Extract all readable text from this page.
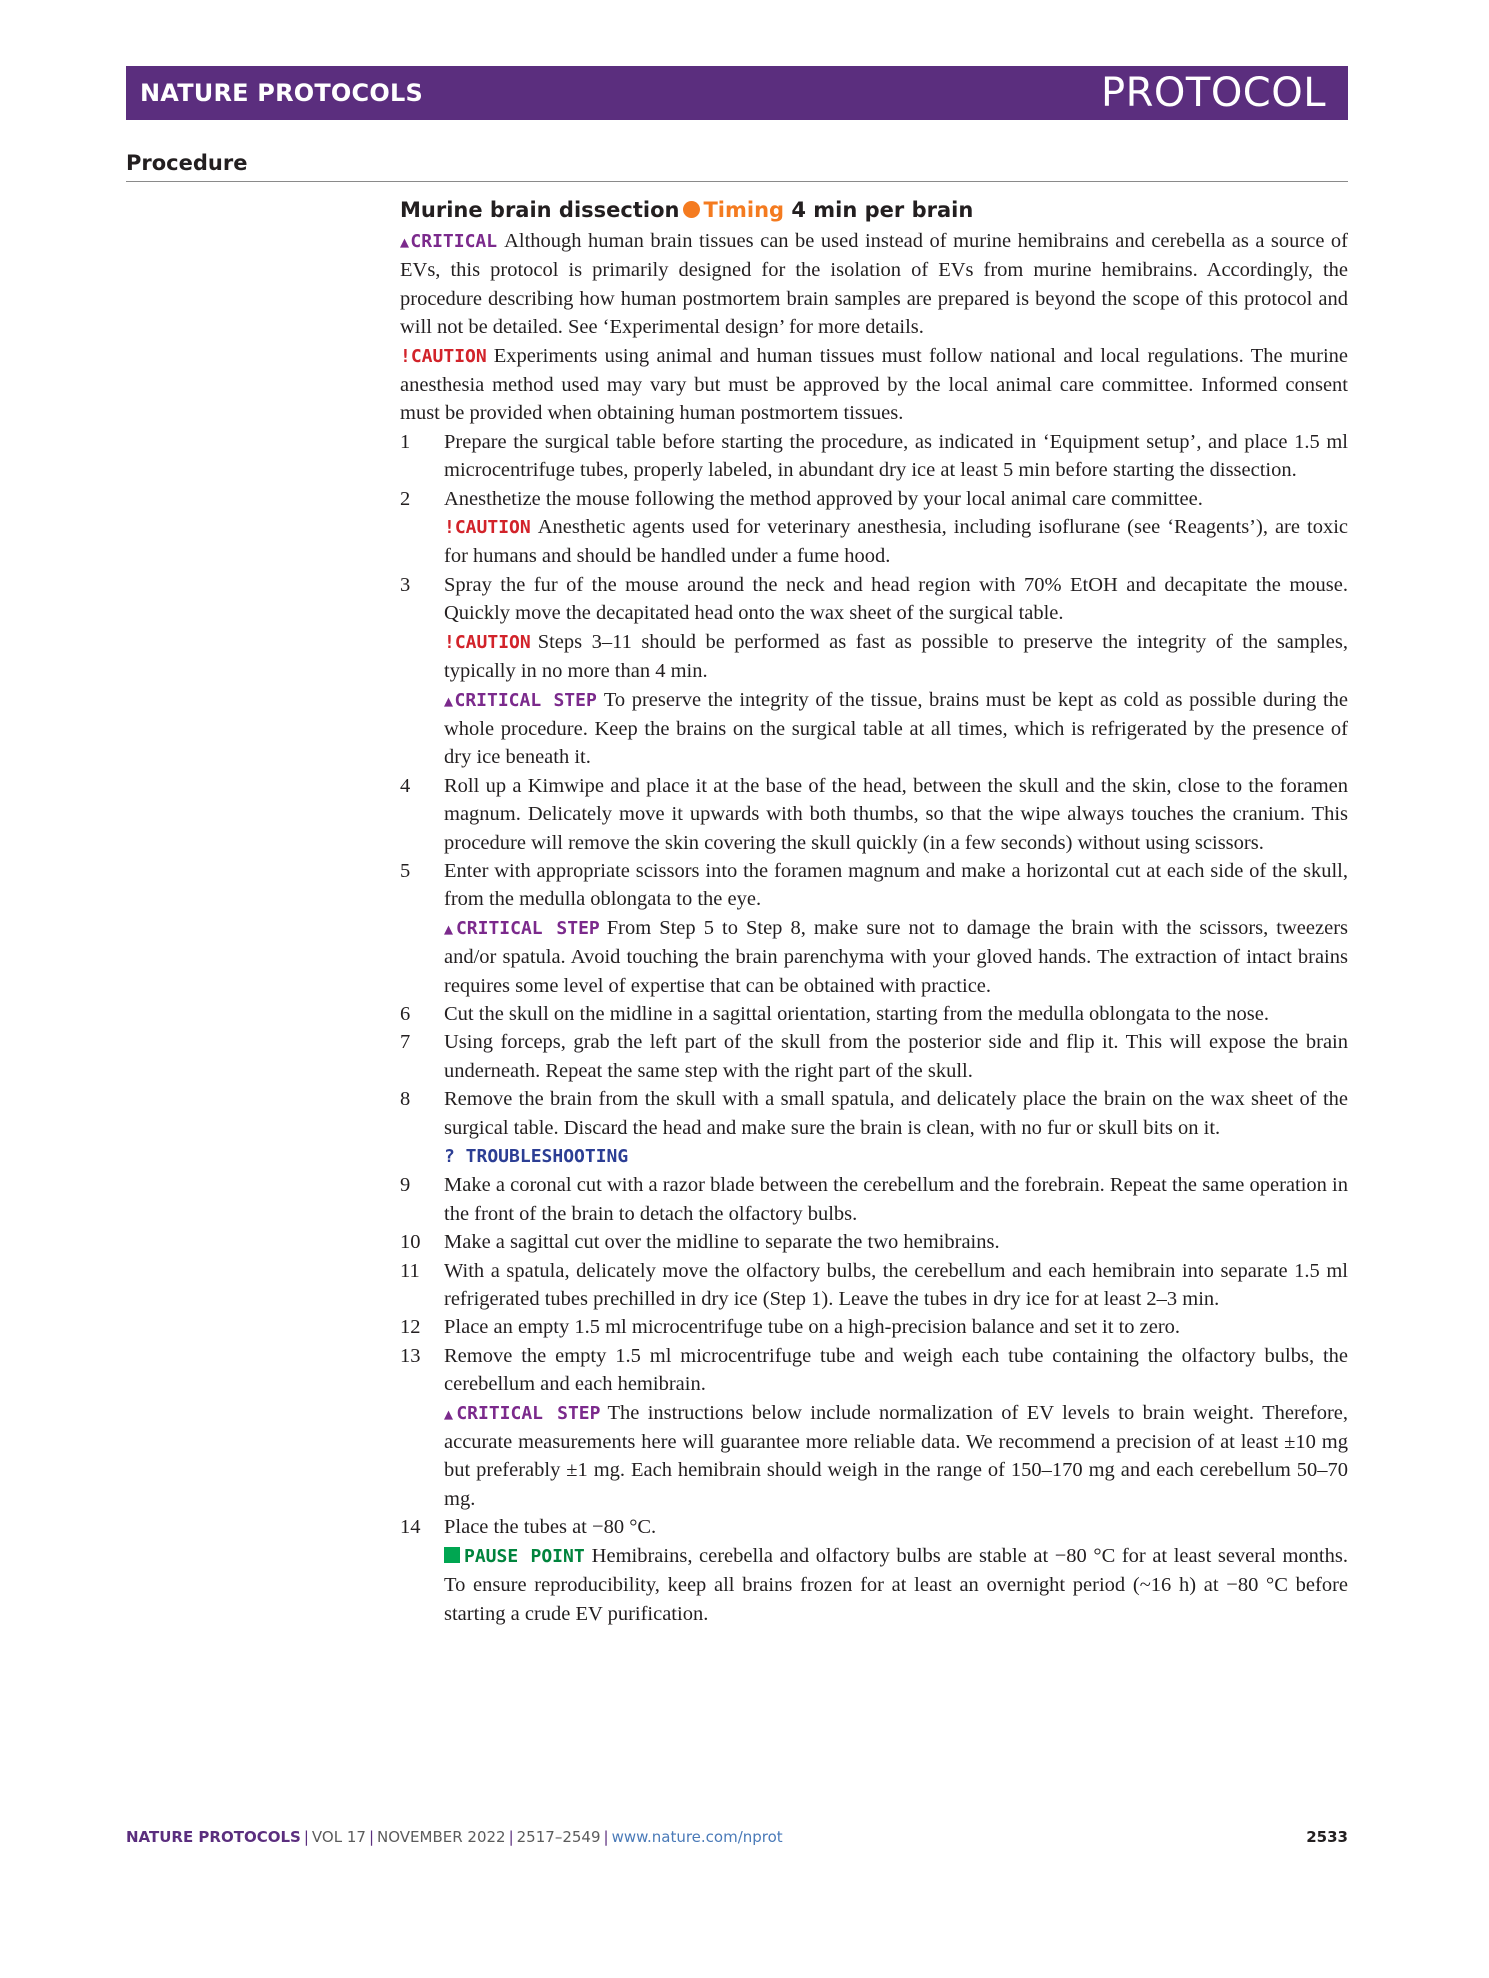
NATURE PROTOCOLS	PROTOCOL
Procedure
Murine brain dissection Timing 4 min per brain
▲CRITICAL Although human brain tissues can be used instead of murine hemibrains and cerebella as a source of EVs, this protocol is primarily designed for the isolation of EVs from murine hemibrains. Accordingly, the procedure describing how human postmortem brain samples are prepared is beyond the scope of this protocol and will not be detailed. See ‘Experimental design’ for more details.
!CAUTION Experiments using animal and human tissues must follow national and local regulations. The murine anesthesia method used may vary but must be approved by the local animal care committee. Informed consent must be provided when obtaining human postmortem tissues.
1 Prepare the surgical table before starting the procedure, as indicated in ‘Equipment setup’, and place 1.5 ml microcentrifuge tubes, properly labeled, in abundant dry ice at least 5 min before starting the dissection.
2 Anesthetize the mouse following the method approved by your local animal care committee.
!CAUTION Anesthetic agents used for veterinary anesthesia, including isoflurane (see ‘Reagents’), are toxic for humans and should be handled under a fume hood.
3 Spray the fur of the mouse around the neck and head region with 70% EtOH and decapitate the mouse. Quickly move the decapitated head onto the wax sheet of the surgical table.
!CAUTION Steps 3–11 should be performed as fast as possible to preserve the integrity of the samples, typically in no more than 4 min.
▲CRITICAL STEP To preserve the integrity of the tissue, brains must be kept as cold as possible during the whole procedure. Keep the brains on the surgical table at all times, which is refrigerated by the presence of dry ice beneath it.
4 Roll up a Kimwipe and place it at the base of the head, between the skull and the skin, close to the foramen magnum. Delicately move it upwards with both thumbs, so that the wipe always touches the cranium. This procedure will remove the skin covering the skull quickly (in a few seconds) without using scissors.
5 Enter with appropriate scissors into the foramen magnum and make a horizontal cut at each side of the skull, from the medulla oblongata to the eye.
▲CRITICAL STEP From Step 5 to Step 8, make sure not to damage the brain with the scissors, tweezers and/or spatula. Avoid touching the brain parenchyma with your gloved hands. The extraction of intact brains requires some level of expertise that can be obtained with practice.
6 Cut the skull on the midline in a sagittal orientation, starting from the medulla oblongata to the nose.
7 Using forceps, grab the left part of the skull from the posterior side and flip it. This will expose the brain underneath. Repeat the same step with the right part of the skull.
8 Remove the brain from the skull with a small spatula, and delicately place the brain on the wax sheet of the surgical table. Discard the head and make sure the brain is clean, with no fur or skull bits on it.
? TROUBLESHOOTING
9 Make a coronal cut with a razor blade between the cerebellum and the forebrain. Repeat the same operation in the front of the brain to detach the olfactory bulbs.
10 Make a sagittal cut over the midline to separate the two hemibrains.
11 With a spatula, delicately move the olfactory bulbs, the cerebellum and each hemibrain into separate 1.5 ml refrigerated tubes prechilled in dry ice (Step 1). Leave the tubes in dry ice for at least 2–3 min.
12 Place an empty 1.5 ml microcentrifuge tube on a high-precision balance and set it to zero.
13 Remove the empty 1.5 ml microcentrifuge tube and weigh each tube containing the olfactory bulbs, the cerebellum and each hemibrain.
▲CRITICAL STEP The instructions below include normalization of EV levels to brain weight. Therefore, accurate measurements here will guarantee more reliable data. We recommend a precision of at least ±10 mg but preferably ±1 mg. Each hemibrain should weigh in the range of 150–170 mg and each cerebellum 50–70 mg.
14 Place the tubes at −80 °C.
PAUSE POINT Hemibrains, cerebella and olfactory bulbs are stable at −80 °C for at least several months. To ensure reproducibility, keep all brains frozen for at least an overnight period (~16 h) at −80 °C before starting a crude EV purification.
NATURE PROTOCOLS | VOL 17 | NOVEMBER 2022 | 2517–2549 | www.nature.com/nprot	2533
